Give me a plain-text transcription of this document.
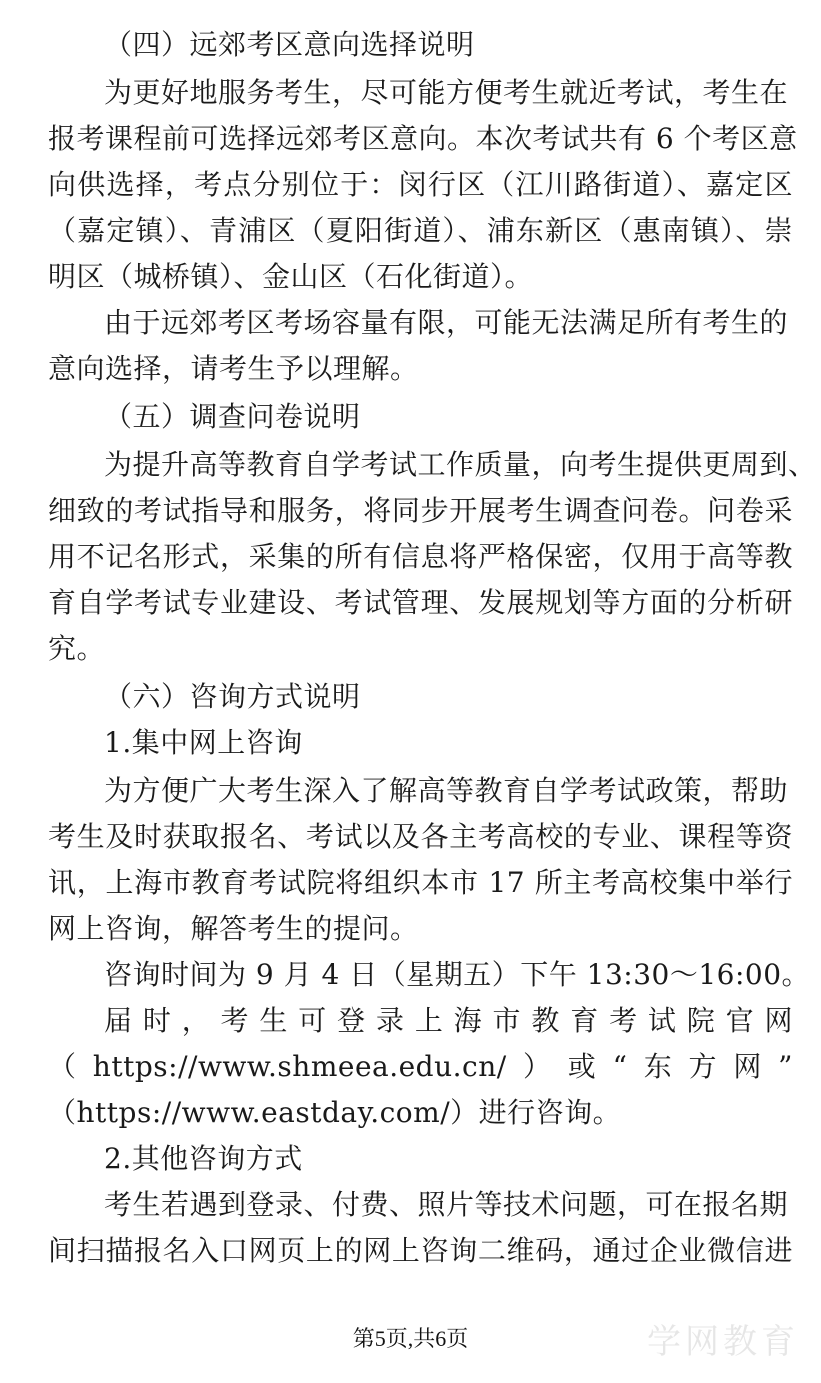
（四）远郊考区意向选择说明
为更好地服务考生，尽可能方便考生就近考试，考生在
报考课程前可选择远郊考区意向。本次考试共有 6 个考区意
向供选择，考点分别位于：闵行区（江川路街道）、嘉定区
（嘉定镇）、青浦区（夏阳街道）、浦东新区（惠南镇）、崇
明区（城桥镇）、金山区（石化街道）。
由于远郊考区考场容量有限，可能无法满足所有考生的
意向选择，请考生予以理解。
（五）调查问卷说明
为提升高等教育自学考试工作质量，向考生提供更周到、
细致的考试指导和服务，将同步开展考生调查问卷。问卷采
用不记名形式，采集的所有信息将严格保密，仅用于高等教
育自学考试专业建设、考试管理、发展规划等方面的分析研
究。
（六）咨询方式说明
1.集中网上咨询
为方便广大考生深入了解高等教育自学考试政策，帮助
考生及时获取报名、考试以及各主考高校的专业、课程等资
讯，上海市教育考试院将组织本市 17 所主考高校集中举行
网上咨询，解答考生的提问。
咨询时间为 9 月 4 日（星期五）下午 13:30～16:00。
届时，考生可登录上海市教育考试院官网
（https://www.shmeea.edu.cn/）或“东方网”
（https://www.eastday.com/）进行咨询。
2.其他咨询方式
考生若遇到登录、付费、照片等技术问题，可在报名期
间扫描报名入口网页上的网上咨询二维码，通过企业微信进
第5页,共6页	学网教育
